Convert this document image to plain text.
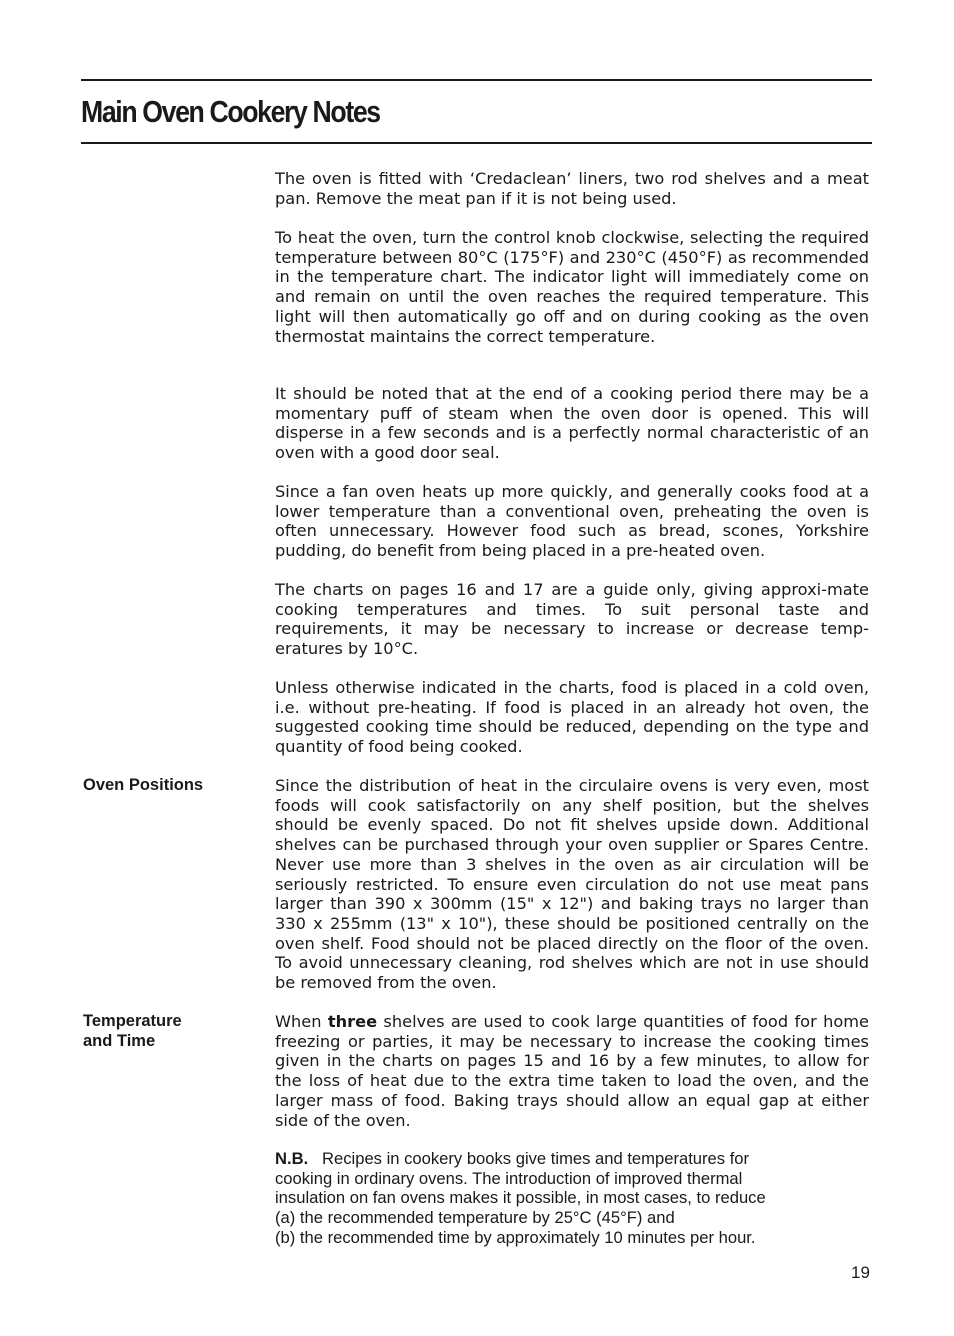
Main Oven Cookery Notes

The oven is fitted with ‘Credaclean’ liners, two rod shelves and a meat pan. Remove the meat pan if it is not being used.

To heat the oven, turn the control knob clockwise, selecting the required temperature between 80°C (175°F) and 230°C (450°F) as recommended in the temperature chart. The indicator light will immediately come on and remain on until the oven reaches the required temperature. This light will then automatically go off and on during cooking as the oven thermostat maintains the correct temperature.

It should be noted that at the end of a cooking period there may be a momentary puff of steam when the oven door is opened. This will disperse in a few seconds and is a perfectly normal characteristic of an oven with a good door seal.

Since a fan oven heats up more quickly, and generally cooks food at a lower temperature than a conventional oven, preheating the oven is often unnecessary. However food such as bread, scones, Yorkshire pudding, do benefit from being placed in a pre-heated oven.

The charts on pages 16 and 17 are a guide only, giving approxi-mate cooking temperatures and times. To suit personal taste and requirements, it may be necessary to increase or decrease temp-eratures by 10°C.

Unless otherwise indicated in the charts, food is placed in a cold oven, i.e. without pre-heating. If food is placed in an already hot oven, the suggested cooking time should be reduced, depending on the type and quantity of food being cooked.

Oven Positions	Since the distribution of heat in the circulaire ovens is very even, most foods will cook satisfactorily on any shelf position, but the shelves should be evenly spaced. Do not fit shelves upside down. Additional shelves can be purchased through your oven supplier or Spares Centre. Never use more than 3 shelves in the oven as air circulation will be seriously restricted. To ensure even circulation do not use meat pans larger than 390 x 300mm (15" x 12") and baking trays no larger than 330 x 255mm (13" x 10"), these should be positioned centrally on the oven shelf. Food should not be placed directly on the floor of the oven. To avoid unnecessary cleaning, rod shelves which are not in use should be removed from the oven.

Temperature
and Time

When three shelves are used to cook large quantities of food for home freezing or parties, it may be necessary to increase the cooking times given in the charts on pages 15 and 16 by a few minutes, to allow for the loss of heat due to the extra time taken to load the oven, and the larger mass of food. Baking trays should allow an equal gap at either side of the oven.

N.B. Recipes in cookery books give times and temperatures for
cooking in ordinary ovens. The introduction of improved thermal
insulation on fan ovens makes it possible, in most cases, to reduce
(a) the recommended temperature by 25°C (45°F) and
(b) the recommended time by approximately 10 minutes per hour.
19
